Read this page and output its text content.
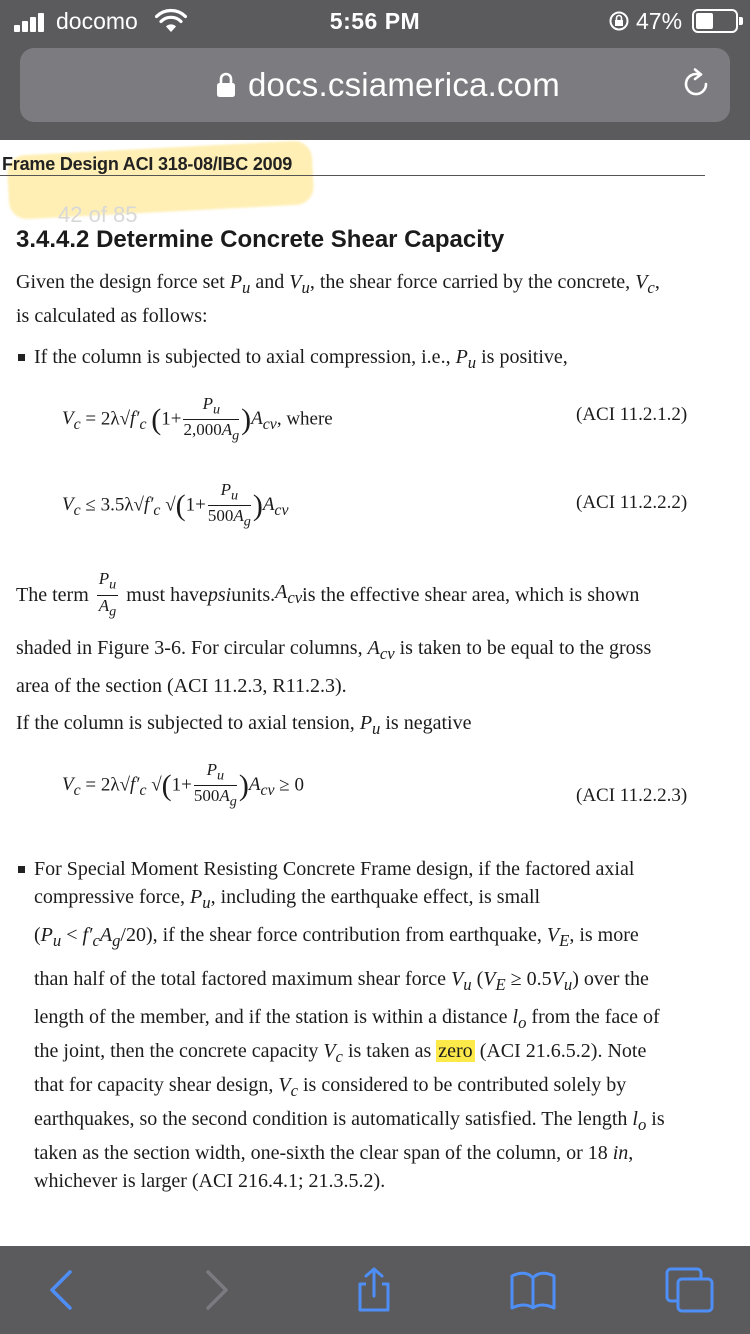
docomo	5:56 PM	47%
docs.csiamerica.com
Frame Design ACI 318-08/IBC 2009
42 of 85
3.4.4.2 Determine Concrete Shear Capacity
Given the design force set $P_u$ and $V_u$, the shear force carried by the concrete, $V_c$,
is calculated as follows:
If the column is subjected to axial compression, i.e., $P_u$ is positive,
$V_c = 2\lambda√f'_c$ $(1+ \frac{P_u}{2,000A_g} )A_{cv}$, where	(ACI 11.2.1.2)
$V_c \le 3.5\lambda√f'_c$ $√(1+ \frac{P_u}{500A_g} )A_{cv}$	(ACI 11.2.2.2)
The term $\frac{P_u}{A_g}$ must have psi units. $A_{cv}$ is the effective shear area, which is shown
shaded in Figure 3-6. For circular columns, $A_{cv}$ is taken to be equal to the gross
area of the section (ACI 11.2.3, R11.2.3).
If the column is subjected to axial tension, $P_u$ is negative
$V_c = 2\lambda√f'_c$ $√(1+ \frac{P_u}{500A_g} )A_{cv} \ge 0$
(ACI 11.2.2.3)
For Special Moment Resisting Concrete Frame design, if the factored axial
compressive force, $P_u$, including the earthquake effect, is small
$(P_u < f'_cA_g/20)$, if the shear force contribution from earthquake, $V_E$, is more
than half of the total factored maximum shear force $V_u$ $(V_E \ge 0.5V_u)$ over the
length of the member, and if the station is within a distance $l_o$ from the face of
the joint, then the concrete capacity $V_c$ is taken as zero (ACI 21.6.5.2). Note
that for capacity shear design, $V_c$ is considered to be contributed solely by
earthquakes, so the second condition is automatically satisfied. The length $l_o$ is
taken as the section width, one-sixth the clear span of the column, or 18 in,
whichever is larger (ACI 216.4.1; 21.3.5.2).
